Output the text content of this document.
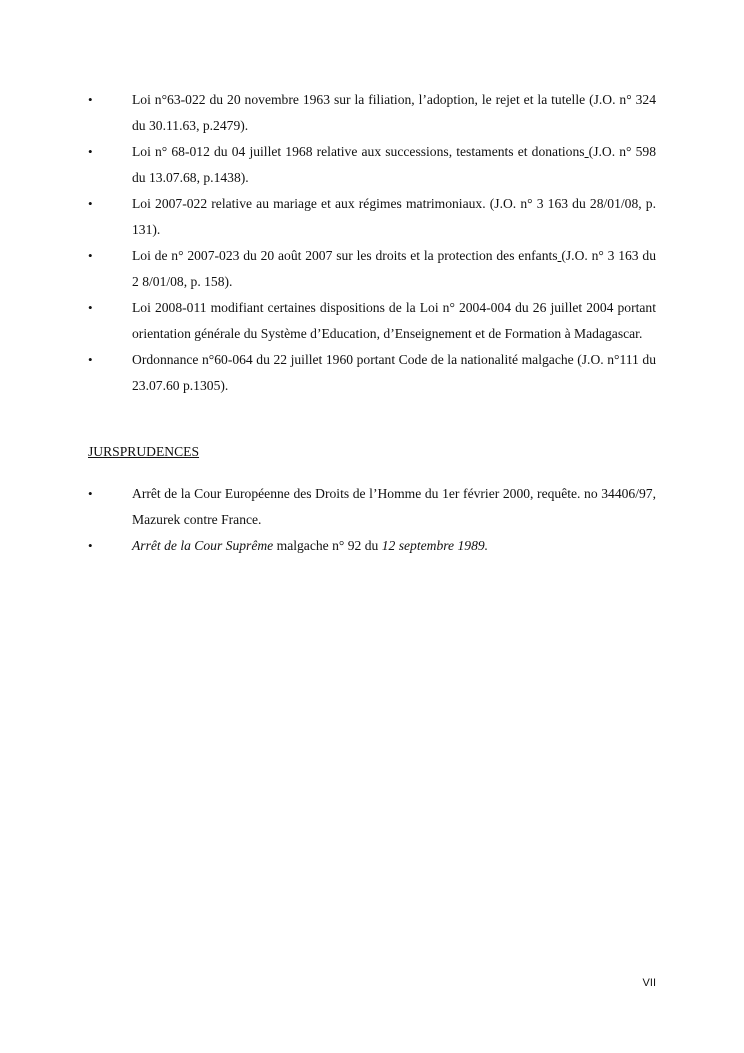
•	Loi n°63-022 du 20 novembre 1963 sur la filiation, l’adoption, le rejet et la tutelle (J.O. n° 324 du 30.11.63, p.2479).
•	Loi n° 68-012 du 04 juillet 1968 relative aux successions, testaments et donations (J.O. n° 598 du 13.07.68, p.1438).
•	Loi 2007-022 relative au mariage et aux régimes matrimoniaux. (J.O. n° 3 163 du 28/01/08, p. 131).
•	Loi de n° 2007-023 du 20 août 2007 sur les droits et la protection des enfants (J.O. n° 3 163 du 2 8/01/08, p. 158).
•	Loi 2008-011 modifiant certaines dispositions de la Loi n° 2004-004 du 26 juillet 2004 portant orientation générale du Système d’Education, d’Enseignement et de Formation à Madagascar.
•	Ordonnance n°60-064 du 22 juillet 1960 portant Code de la nationalité malgache (J.O. n°111 du 23.07.60 p.1305).
JURSPRUDENCES
•	Arrêt de la Cour Européenne des Droits de l’Homme du 1er février 2000, requête. no 34406/97, Mazurek contre France.
•	Arrêt de la Cour Suprême malgache n° 92 du 12 septembre 1989.
VII
